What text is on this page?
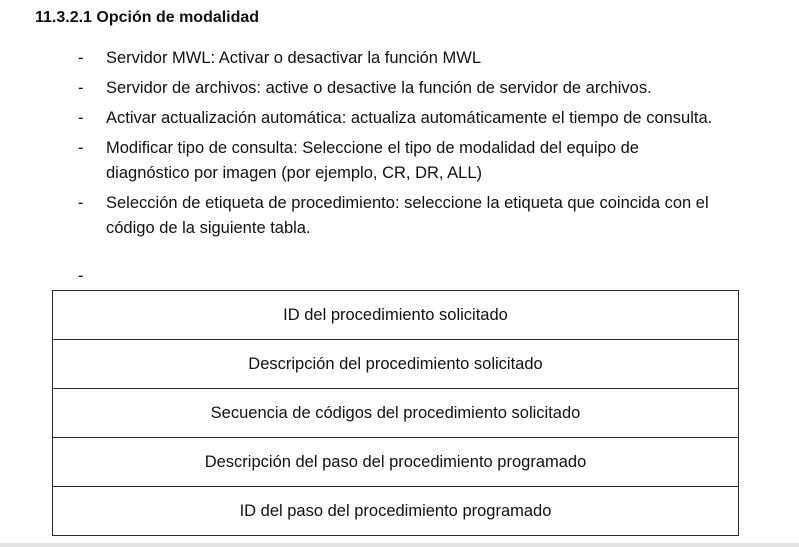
11.3.2.1 Opción de modalidad
- Servidor MWL: Activar o desactivar la función MWL
- Servidor de archivos: active o desactive la función de servidor de archivos.
- Activar actualización automática: actualiza automáticamente el tiempo de consulta.
- Modificar tipo de consulta: Seleccione el tipo de modalidad del equipo de diagnóstico por imagen (por ejemplo, CR, DR, ALL)
- Selección de etiqueta de procedimiento: seleccione la etiqueta que coincida con el código de la siguiente tabla.
-
ID del procedimiento solicitado
Descripción del procedimiento solicitado
Secuencia de códigos del procedimiento solicitado
Descripción del paso del procedimiento programado
ID del paso del procedimiento programado
